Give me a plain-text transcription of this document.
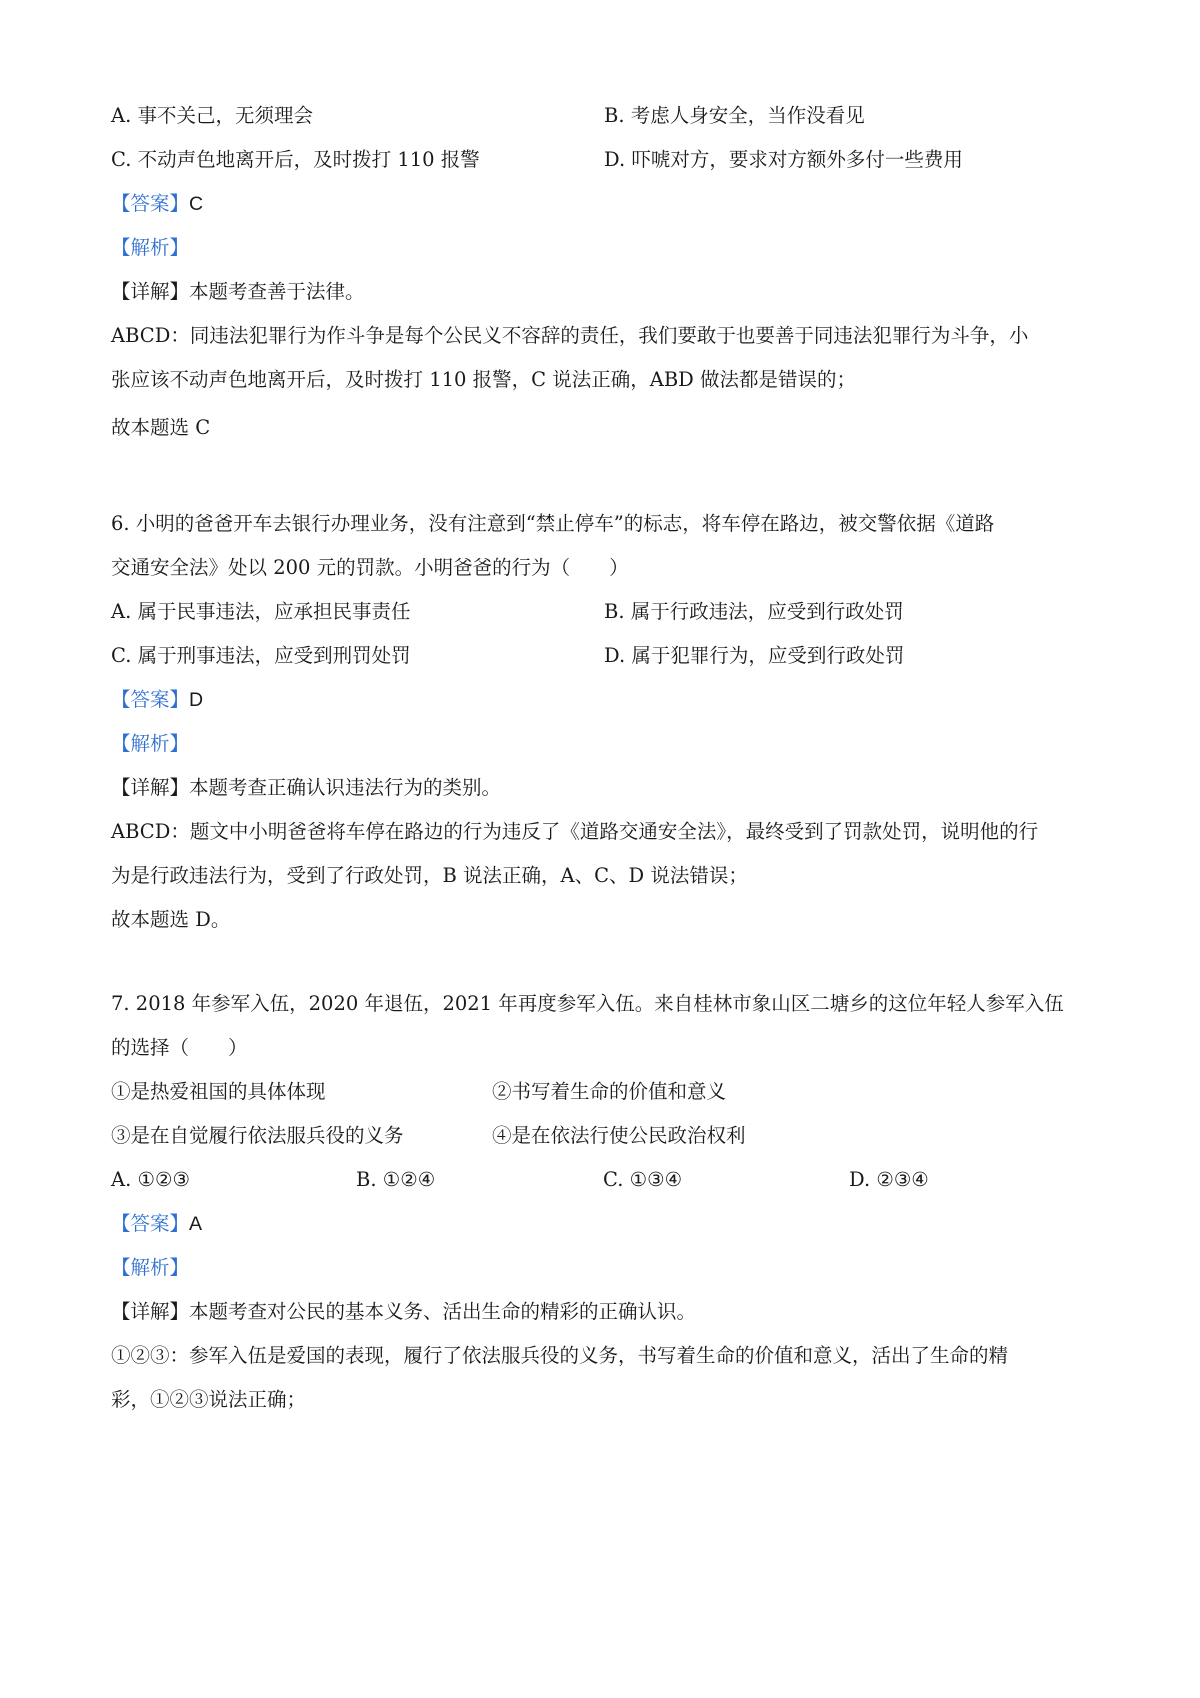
A. 事不关己，无须理会	B. 考虑人身安全，当作没看见
C. 不动声色地离开后，及时拨打 110 报警	D. 吓唬对方，要求对方额外多付一些费用
【答案】C
【解析】
【详解】本题考查善于法律。
ABCD：同违法犯罪行为作斗争是每个公民义不容辞的责任，我们要敢于也要善于同违法犯罪行为斗争，小
张应该不动声色地离开后，及时拨打 110 报警，C 说法正确，ABD 做法都是错误的；
故本题选 C
6. 小明的爸爸开车去银行办理业务，没有注意到“禁止停车”的标志，将车停在路边，被交警依据《道路
交通安全法》处以 200 元的罚款。小明爸爸的行为（　　）
A. 属于民事违法，应承担民事责任	B. 属于行政违法，应受到行政处罚
C. 属于刑事违法，应受到刑罚处罚	D. 属于犯罪行为，应受到行政处罚
【答案】D
【解析】
【详解】本题考查正确认识违法行为的类别。
ABCD：题文中小明爸爸将车停在路边的行为违反了《道路交通安全法》，最终受到了罚款处罚，说明他的行
为是行政违法行为，受到了行政处罚，B 说法正确，A、C、D 说法错误；
故本题选 D。
7. 2018 年参军入伍，2020 年退伍，2021 年再度参军入伍。来自桂林市象山区二塘乡的这位年轻人参军入伍
的选择（　　）
①是热爱祖国的具体体现	②书写着生命的价值和意义
③是在自觉履行依法服兵役的义务	④是在依法行使公民政治权利
A. ①②③	B. ①②④	C. ①③④	D. ②③④
【答案】A
【解析】
【详解】本题考查对公民的基本义务、活出生命的精彩的正确认识。
①②③：参军入伍是爱国的表现，履行了依法服兵役的义务，书写着生命的价值和意义，活出了生命的精
彩，①②③说法正确；
